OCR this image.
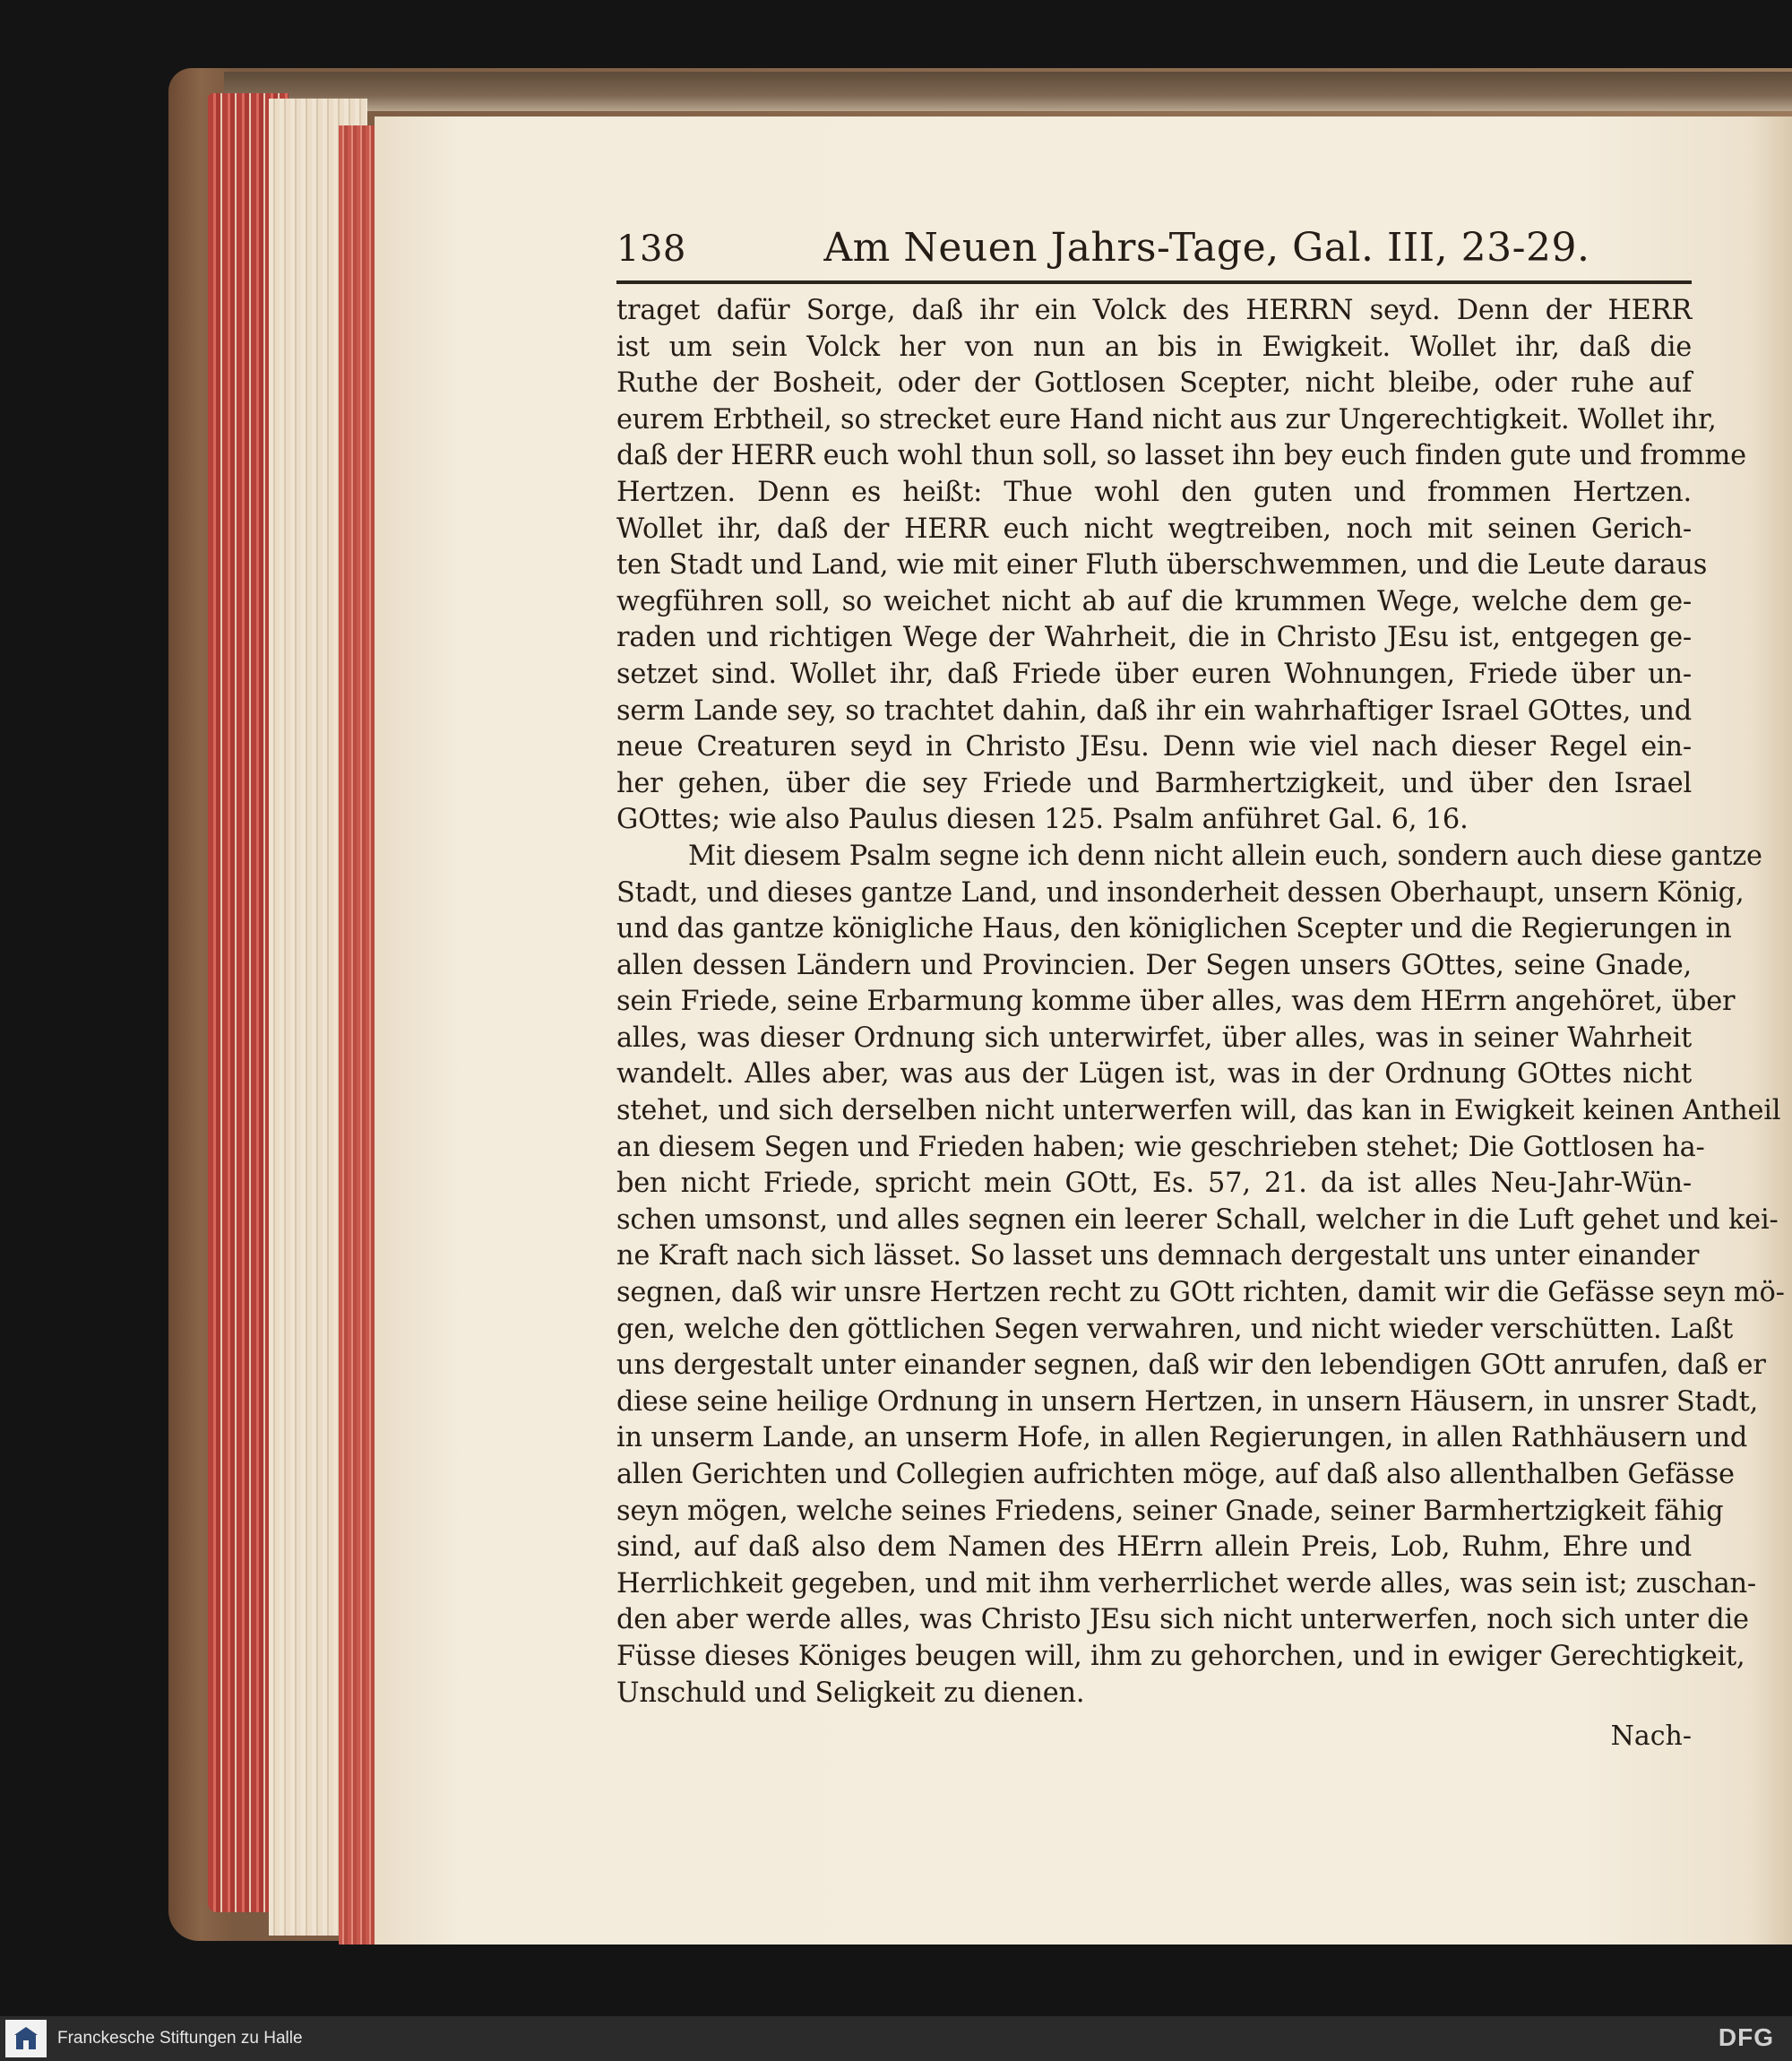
138	Am Neuen Jahrs-Tage, Gal. III, 23-29.
traget dafür Sorge, daß ihr ein Volck des HERRN seyd. Denn der HERR
ist um sein Volck her von nun an bis in Ewigkeit. Wollet ihr, daß die
Ruthe der Bosheit, oder der Gottlosen Scepter, nicht bleibe, oder ruhe auf
eurem Erbtheil, so strecket eure Hand nicht aus zur Ungerechtigkeit. Wollet ihr,
daß der HERR euch wohl thun soll, so lasset ihn bey euch finden gute und fromme
Hertzen. Denn es heißt: Thue wohl den guten und frommen Hertzen.
Wollet ihr, daß der HERR euch nicht wegtreiben, noch mit seinen Gerich-
ten Stadt und Land, wie mit einer Fluth überschwemmen, und die Leute daraus
wegführen soll, so weichet nicht ab auf die krummen Wege, welche dem ge-
raden und richtigen Wege der Wahrheit, die in Christo JEsu ist, entgegen ge-
setzet sind. Wollet ihr, daß Friede über euren Wohnungen, Friede über un-
serm Lande sey, so trachtet dahin, daß ihr ein wahrhaftiger Israel GOttes, und
neue Creaturen seyd in Christo JEsu. Denn wie viel nach dieser Regel ein-
her gehen, über die sey Friede und Barmhertzigkeit, und über den Israel
GOttes; wie also Paulus diesen 125. Psalm anführet Gal. 6, 16.
Mit diesem Psalm segne ich denn nicht allein euch, sondern auch diese gantze
Stadt, und dieses gantze Land, und insonderheit dessen Oberhaupt, unsern König,
und das gantze königliche Haus, den königlichen Scepter und die Regierungen in
allen dessen Ländern und Provincien. Der Segen unsers GOttes, seine Gnade,
sein Friede, seine Erbarmung komme über alles, was dem HErrn angehöret, über
alles, was dieser Ordnung sich unterwirfet, über alles, was in seiner Wahrheit
wandelt. Alles aber, was aus der Lügen ist, was in der Ordnung GOttes nicht
stehet, und sich derselben nicht unterwerfen will, das kan in Ewigkeit keinen Antheil
an diesem Segen und Frieden haben; wie geschrieben stehet; Die Gottlosen ha-
ben nicht Friede, spricht mein GOtt, Es. 57, 21. da ist alles Neu-Jahr-Wün-
schen umsonst, und alles segnen ein leerer Schall, welcher in die Luft gehet und kei-
ne Kraft nach sich lässet. So lasset uns demnach dergestalt uns unter einander
segnen, daß wir unsre Hertzen recht zu GOtt richten, damit wir die Gefässe seyn mö-
gen, welche den göttlichen Segen verwahren, und nicht wieder verschütten. Laßt
uns dergestalt unter einander segnen, daß wir den lebendigen GOtt anrufen, daß er
diese seine heilige Ordnung in unsern Hertzen, in unsern Häusern, in unsrer Stadt,
in unserm Lande, an unserm Hofe, in allen Regierungen, in allen Rathhäusern und
allen Gerichten und Collegien aufrichten möge, auf daß also allenthalben Gefässe
seyn mögen, welche seines Friedens, seiner Gnade, seiner Barmhertzigkeit fähig
sind, auf daß also dem Namen des HErrn allein Preis, Lob, Ruhm, Ehre und
Herrlichkeit gegeben, und mit ihm verherrlichet werde alles, was sein ist; zuschan-
den aber werde alles, was Christo JEsu sich nicht unterwerfen, noch sich unter die
Füsse dieses Königes beugen will, ihm zu gehorchen, und in ewiger Gerechtigkeit,
Unschuld und Seligkeit zu dienen.
Nach-
Franckesche Stiftungen zu Halle	DFG
